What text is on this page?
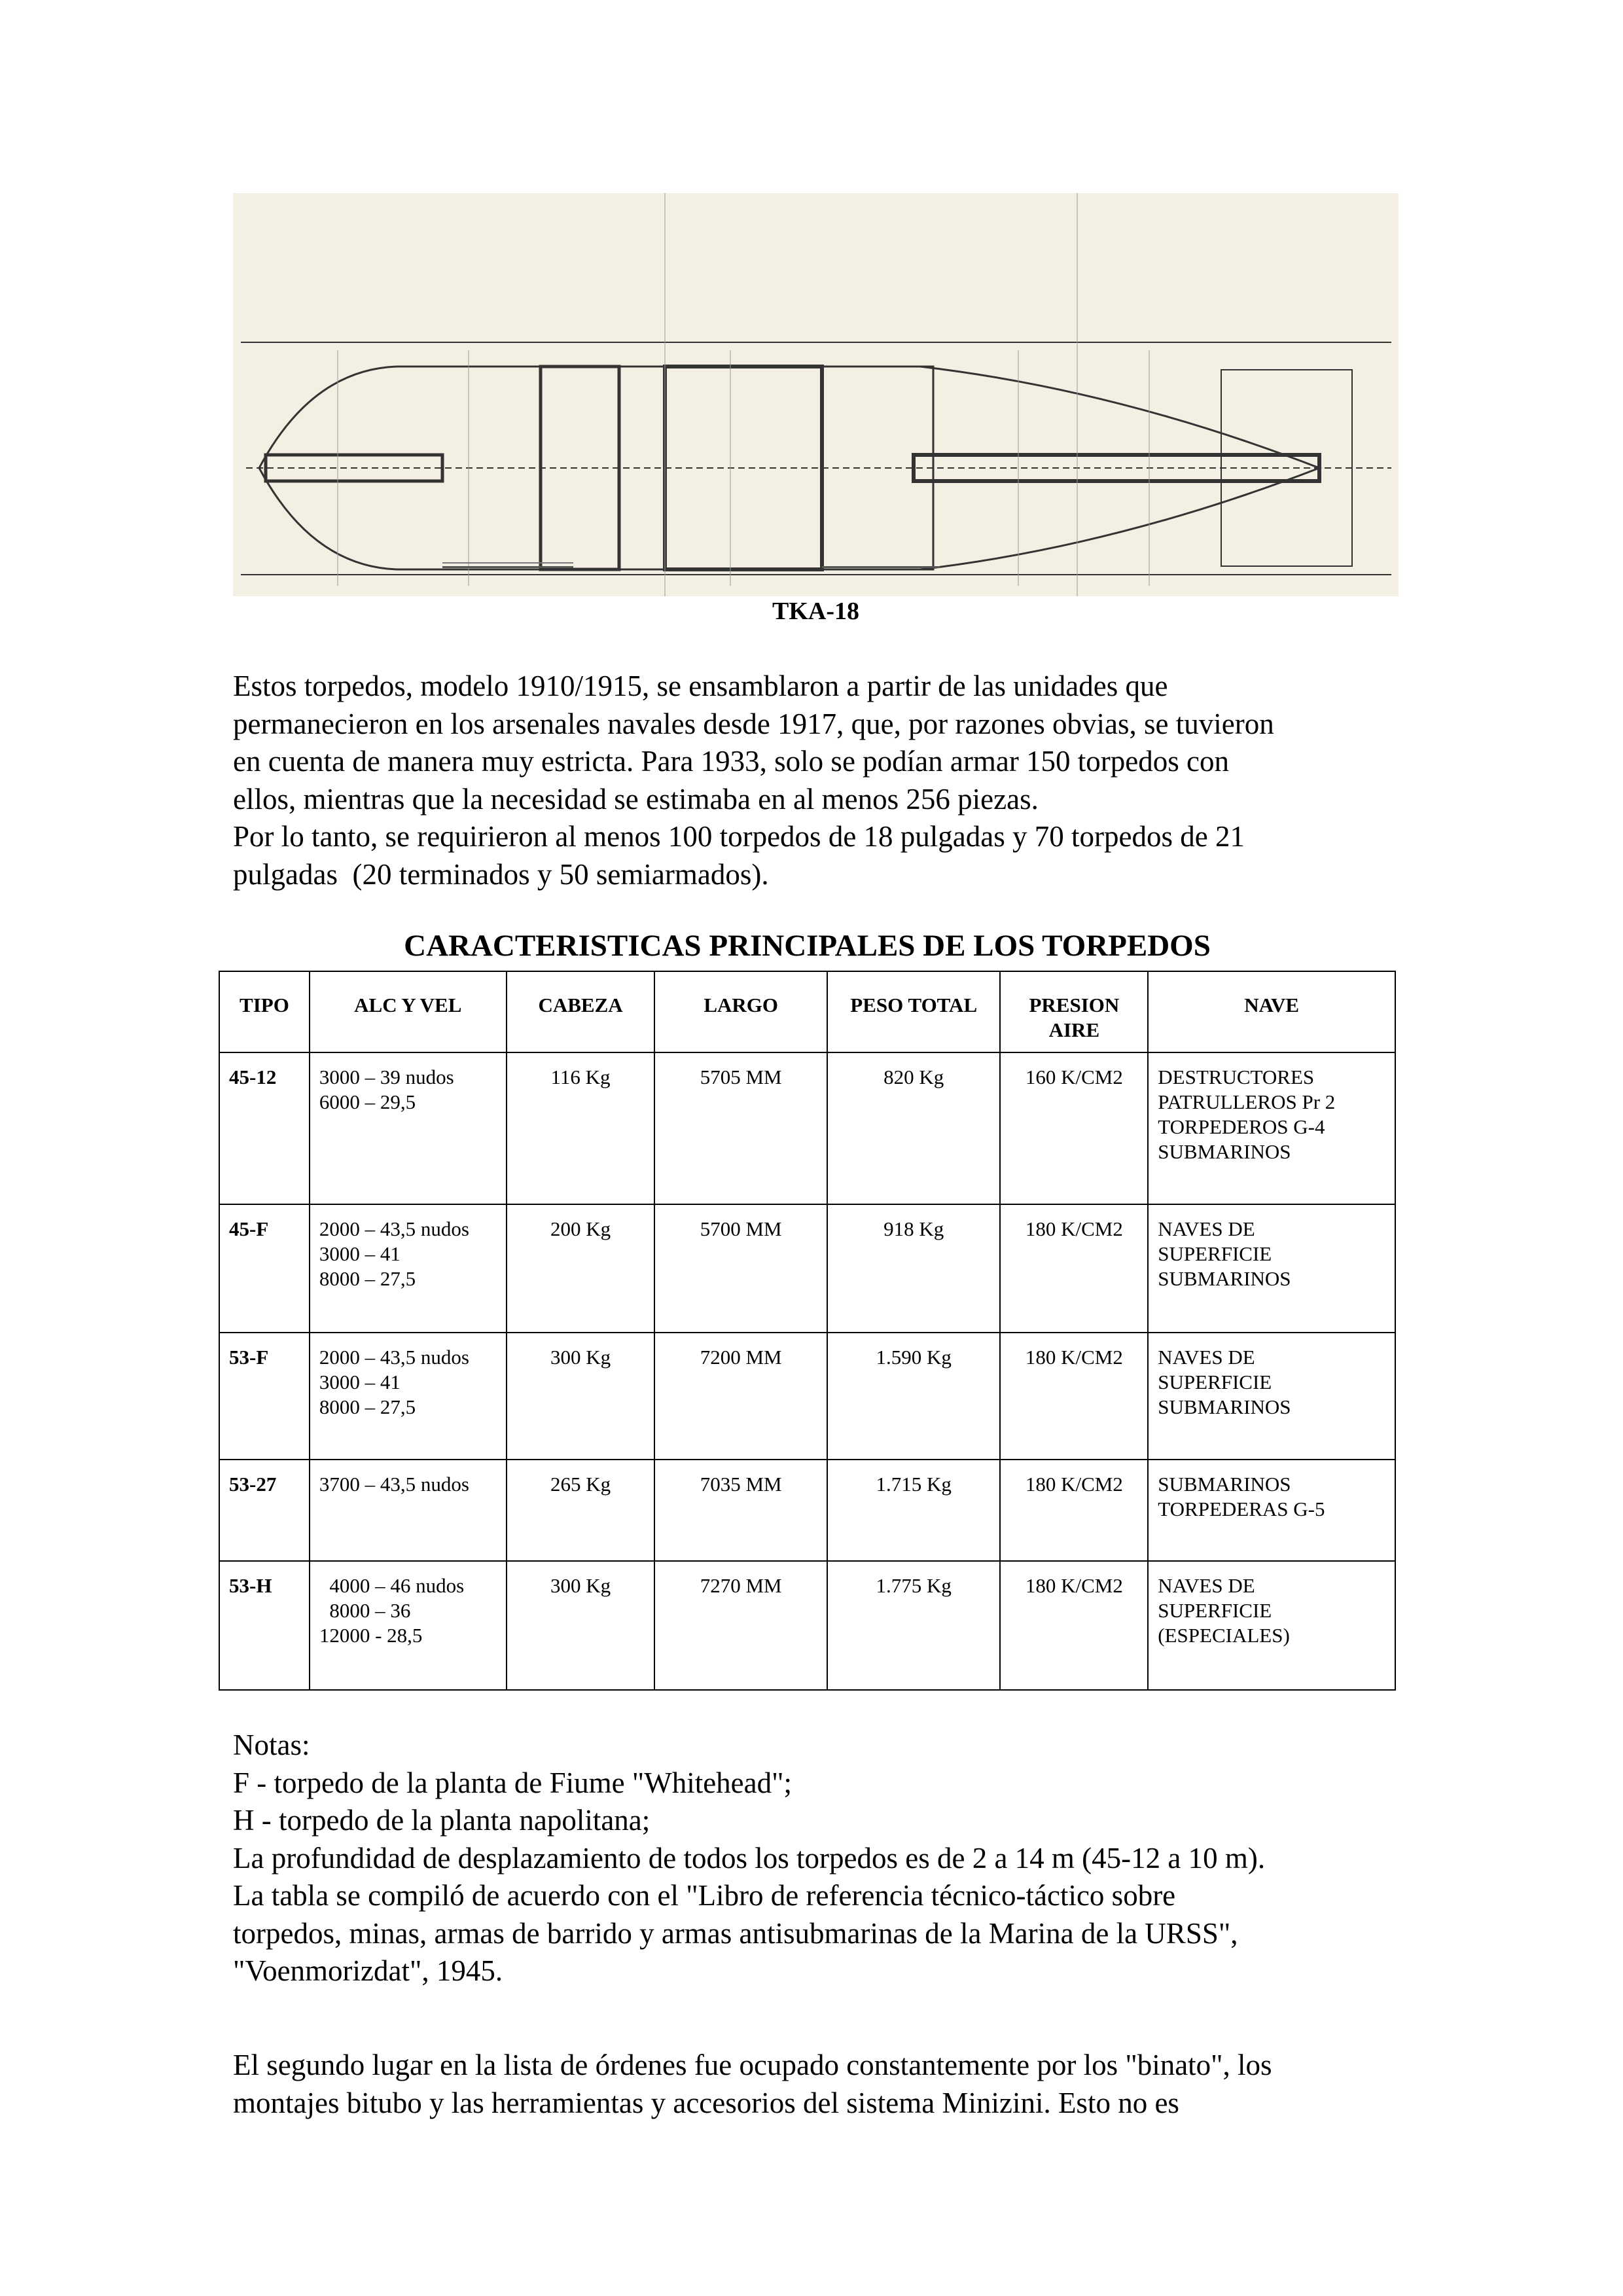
TKA-18
Estos torpedos, modelo 1910/1915, se ensamblaron a partir de las unidades que
permanecieron en los arsenales navales desde 1917, que, por razones obvias, se tuvieron
en cuenta de manera muy estricta. Para 1933, solo se podían armar 150 torpedos con
ellos, mientras que la necesidad se estimaba en al menos 256 piezas.
Por lo tanto, se requirieron al menos 100 torpedos de 18 pulgadas y 70 torpedos de 21
pulgadas  (20 terminados y 50 semiarmados).
CARACTERISTICAS PRINCIPALES DE LOS TORPEDOS
TIPO	ALC Y VEL	CABEZA	LARGO	PESO TOTAL	PRESION
AIRE	NAVE
45-12	3000 – 39 nudos
6000 – 29,5	116 Kg	5705 MM	820 Kg	160 K/CM2	DESTRUCTORES
PATRULLEROS Pr 2
TORPEDEROS G-4
SUBMARINOS
45-F	2000 – 43,5 nudos
3000 – 41
8000 – 27,5	200 Kg	5700 MM	918 Kg	180 K/CM2	NAVES DE
SUPERFICIE
SUBMARINOS
53-F	2000 – 43,5 nudos
3000 – 41
8000 – 27,5	300 Kg	7200 MM	1.590 Kg	180 K/CM2	NAVES DE
SUPERFICIE
SUBMARINOS
53-27	3700 – 43,5 nudos	265 Kg	7035 MM	1.715 Kg	180 K/CM2	SUBMARINOS
TORPEDERAS G-5
53-H	4000 – 46 nudos
8000 – 36
12000 - 28,5	300 Kg	7270 MM	1.775 Kg	180 K/CM2	NAVES DE
SUPERFICIE
(ESPECIALES)
Notas:
F - torpedo de la planta de Fiume "Whitehead";
H - torpedo de la planta napolitana;
La profundidad de desplazamiento de todos los torpedos es de 2 a 14 m (45-12 a 10 m).
La tabla se compiló de acuerdo con el "Libro de referencia técnico-táctico sobre
torpedos, minas, armas de barrido y armas antisubmarinas de la Marina de la URSS",
"Voenmorizdat", 1945.
El segundo lugar en la lista de órdenes fue ocupado constantemente por los "binato", los
montajes bitubo y las herramientas y accesorios del sistema Minizini. Esto no es
